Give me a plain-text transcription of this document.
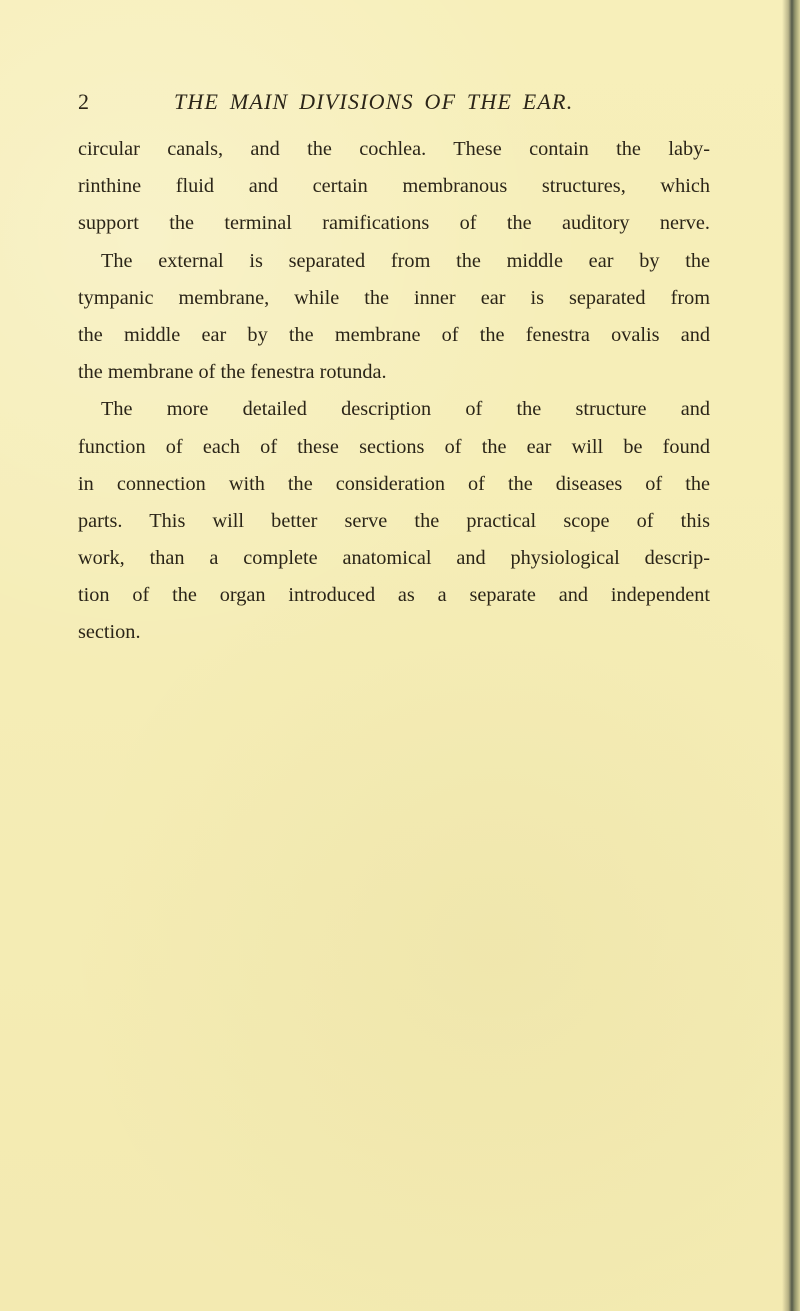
2	THE MAIN DIVISIONS OF THE EAR.
circular canals, and the cochlea. These contain the laby-
rinthine fluid and certain membranous structures, which
support the terminal ramifications of the auditory nerve.
The external is separated from the middle ear by the
tympanic membrane, while the inner ear is separated from
the middle ear by the membrane of the fenestra ovalis and
the membrane of the fenestra rotunda.
The more detailed description of the structure and
function of each of these sections of the ear will be found
in connection with the consideration of the diseases of the
parts. This will better serve the practical scope of this
work, than a complete anatomical and physiological descrip-
tion of the organ introduced as a separate and independent
section.
